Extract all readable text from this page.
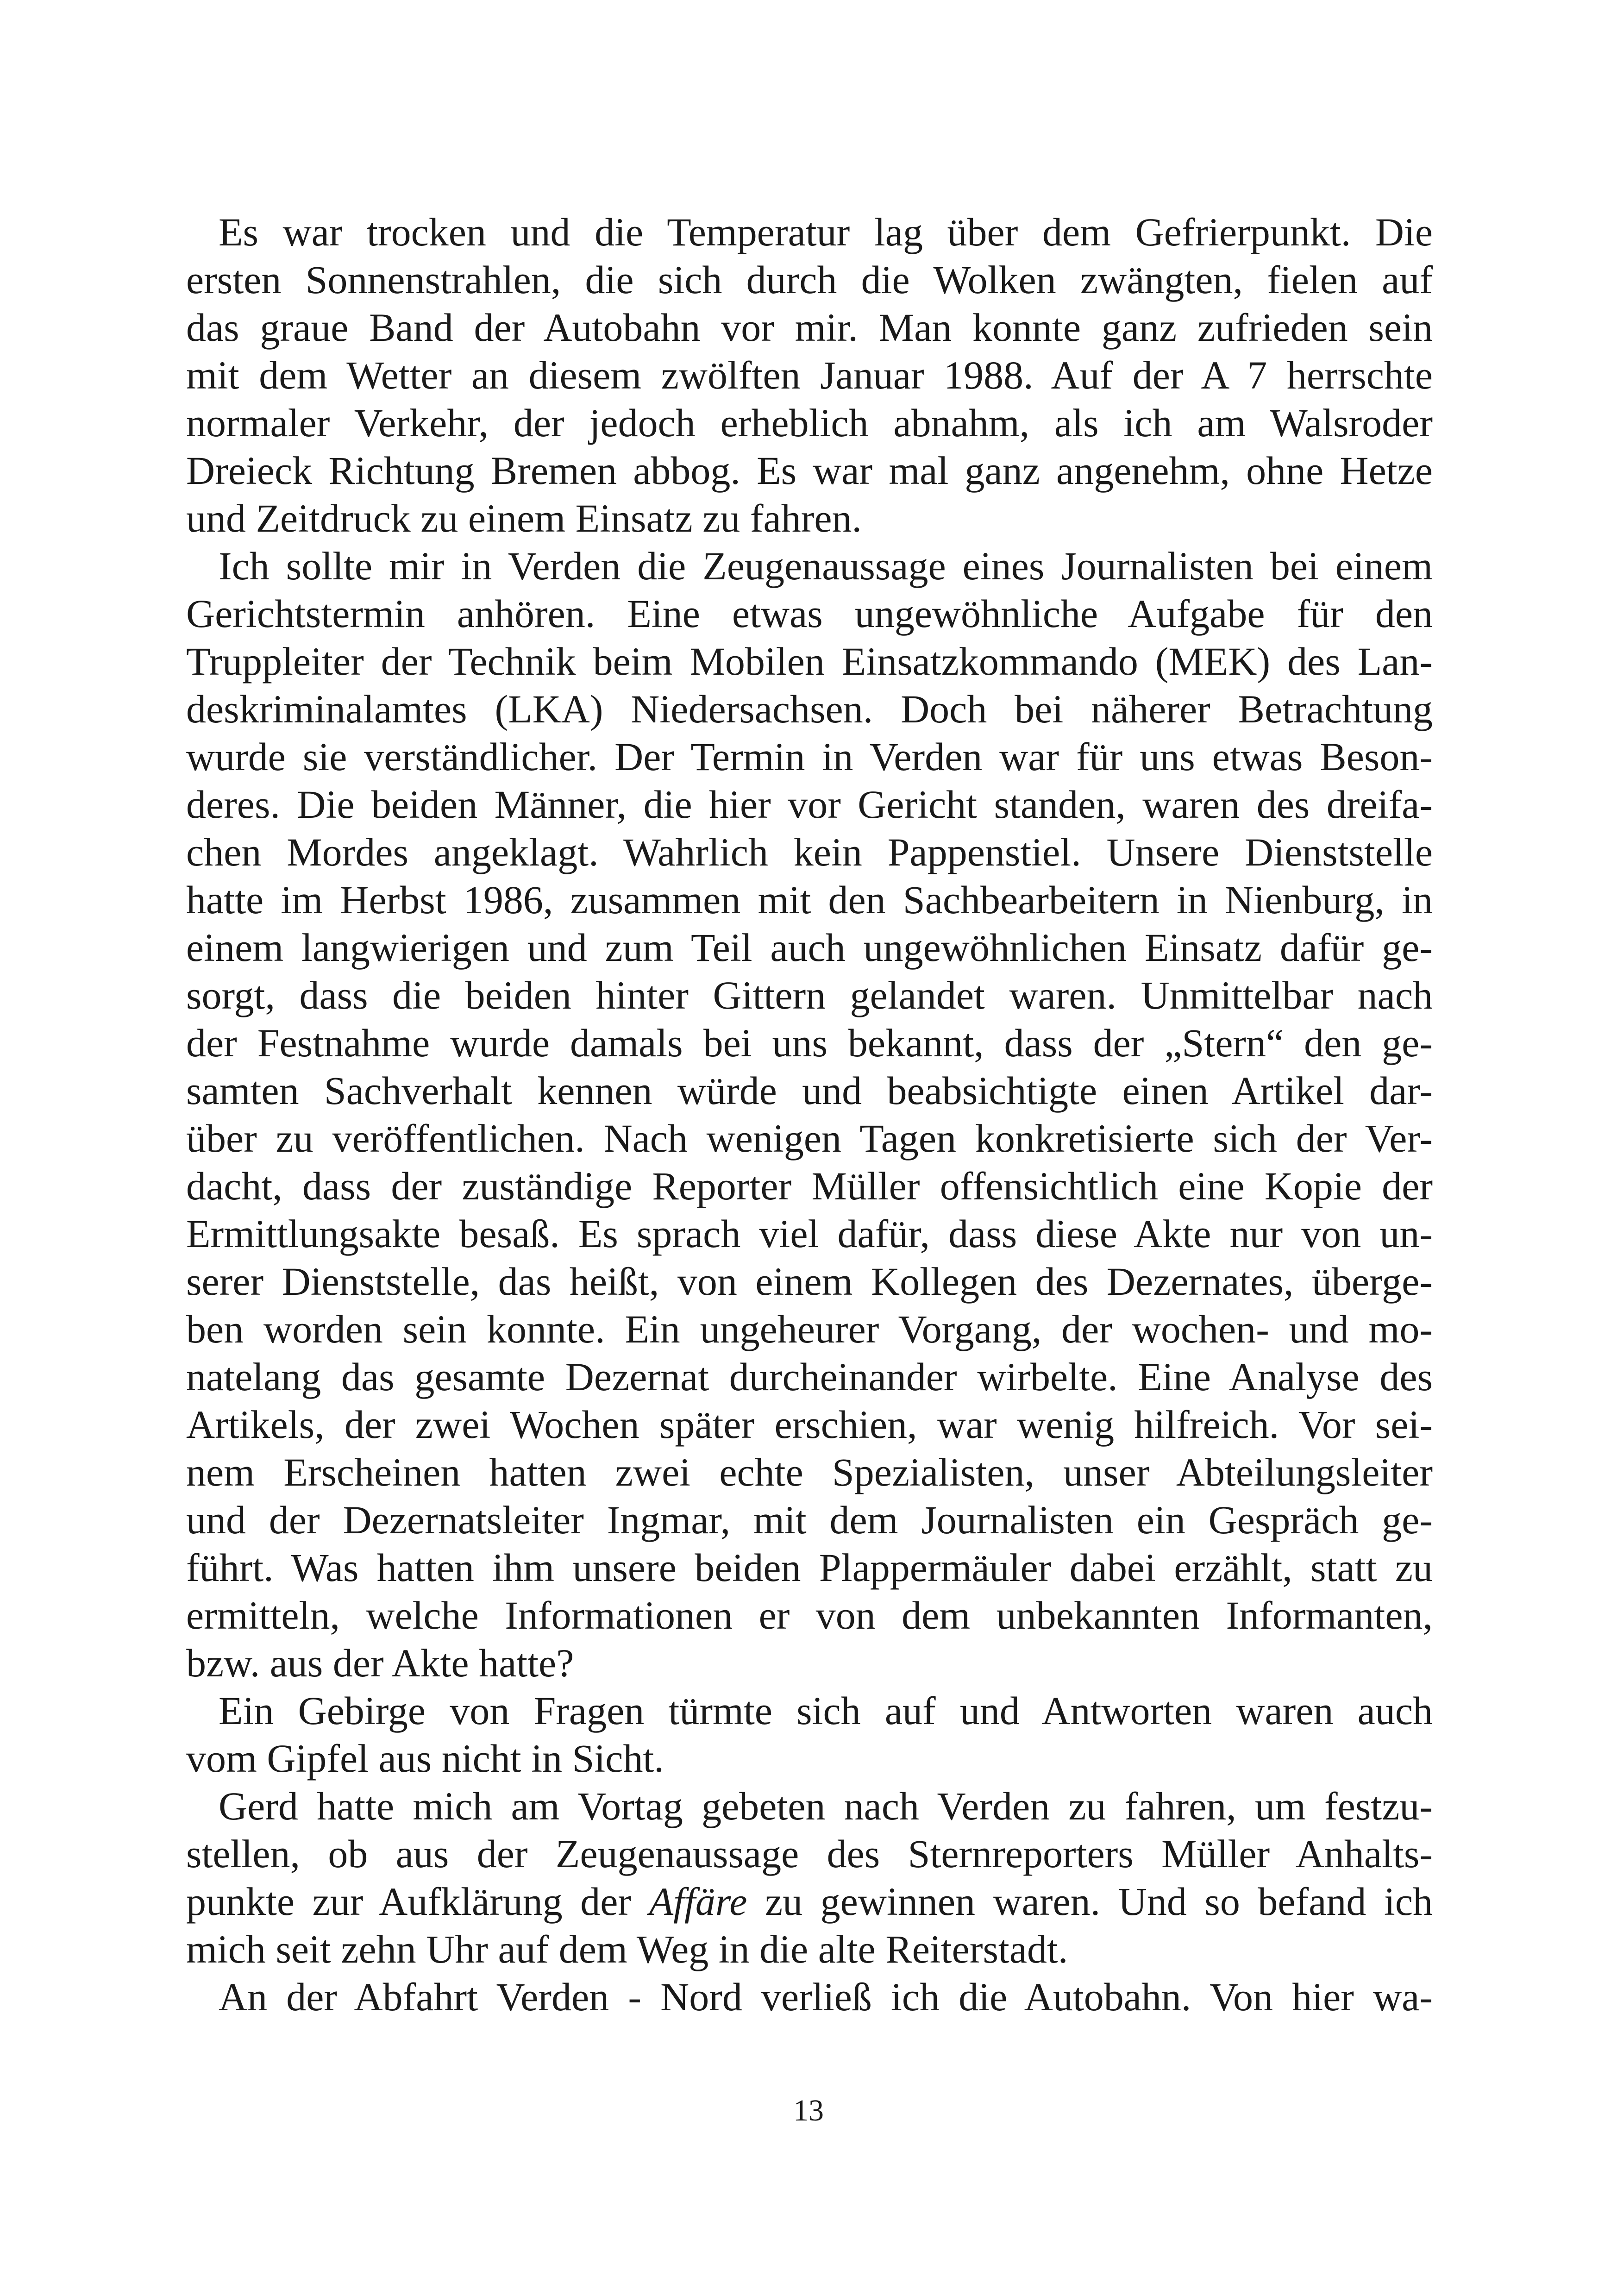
Es war trocken und die Temperatur lag über dem Gefrierpunkt. Die
ersten Sonnenstrahlen, die sich durch die Wolken zwängten, fielen auf
das graue Band der Autobahn vor mir. Man konnte ganz zufrieden sein
mit dem Wetter an diesem zwölften Januar 1988. Auf der A 7 herrschte
normaler Verkehr, der jedoch erheblich abnahm, als ich am Walsroder
Dreieck Richtung Bremen abbog. Es war mal ganz angenehm, ohne Hetze
und Zeitdruck zu einem Einsatz zu fahren.
Ich sollte mir in Verden die Zeugenaussage eines Journalisten bei einem
Gerichtstermin anhören. Eine etwas ungewöhnliche Aufgabe für den
Truppleiter der Technik beim Mobilen Einsatzkommando (MEK) des Lan-
deskriminalamtes (LKA) Niedersachsen. Doch bei näherer Betrachtung
wurde sie verständlicher. Der Termin in Verden war für uns etwas Beson-
deres. Die beiden Männer, die hier vor Gericht standen, waren des dreifa-
chen Mordes angeklagt. Wahrlich kein Pappenstiel. Unsere Dienststelle
hatte im Herbst 1986, zusammen mit den Sachbearbeitern in Nienburg, in
einem langwierigen und zum Teil auch ungewöhnlichen Einsatz dafür ge-
sorgt, dass die beiden hinter Gittern gelandet waren. Unmittelbar nach
der Festnahme wurde damals bei uns bekannt, dass der „Stern“ den ge-
samten Sachverhalt kennen würde und beabsichtigte einen Artikel dar-
über zu veröffentlichen. Nach wenigen Tagen konkretisierte sich der Ver-
dacht, dass der zuständige Reporter Müller offensichtlich eine Kopie der
Ermittlungsakte besaß. Es sprach viel dafür, dass diese Akte nur von un-
serer Dienststelle, das heißt, von einem Kollegen des Dezernates, überge-
ben worden sein konnte. Ein ungeheurer Vorgang, der wochen- und mo-
natelang das gesamte Dezernat durcheinander wirbelte. Eine Analyse des
Artikels, der zwei Wochen später erschien, war wenig hilfreich. Vor sei-
nem Erscheinen hatten zwei echte Spezialisten, unser Abteilungsleiter
und der Dezernatsleiter Ingmar, mit dem Journalisten ein Gespräch ge-
führt. Was hatten ihm unsere beiden Plappermäuler dabei erzählt, statt zu
ermitteln, welche Informationen er von dem unbekannten Informanten,
bzw. aus der Akte hatte?
Ein Gebirge von Fragen türmte sich auf und Antworten waren auch
vom Gipfel aus nicht in Sicht.
Gerd hatte mich am Vortag gebeten nach Verden zu fahren, um festzu-
stellen, ob aus der Zeugenaussage des Sternreporters Müller Anhalts-
punkte zur Aufklärung der Affäre zu gewinnen waren. Und so befand ich
mich seit zehn Uhr auf dem Weg in die alte Reiterstadt.
An der Abfahrt Verden - Nord verließ ich die Autobahn. Von hier wa-
13
